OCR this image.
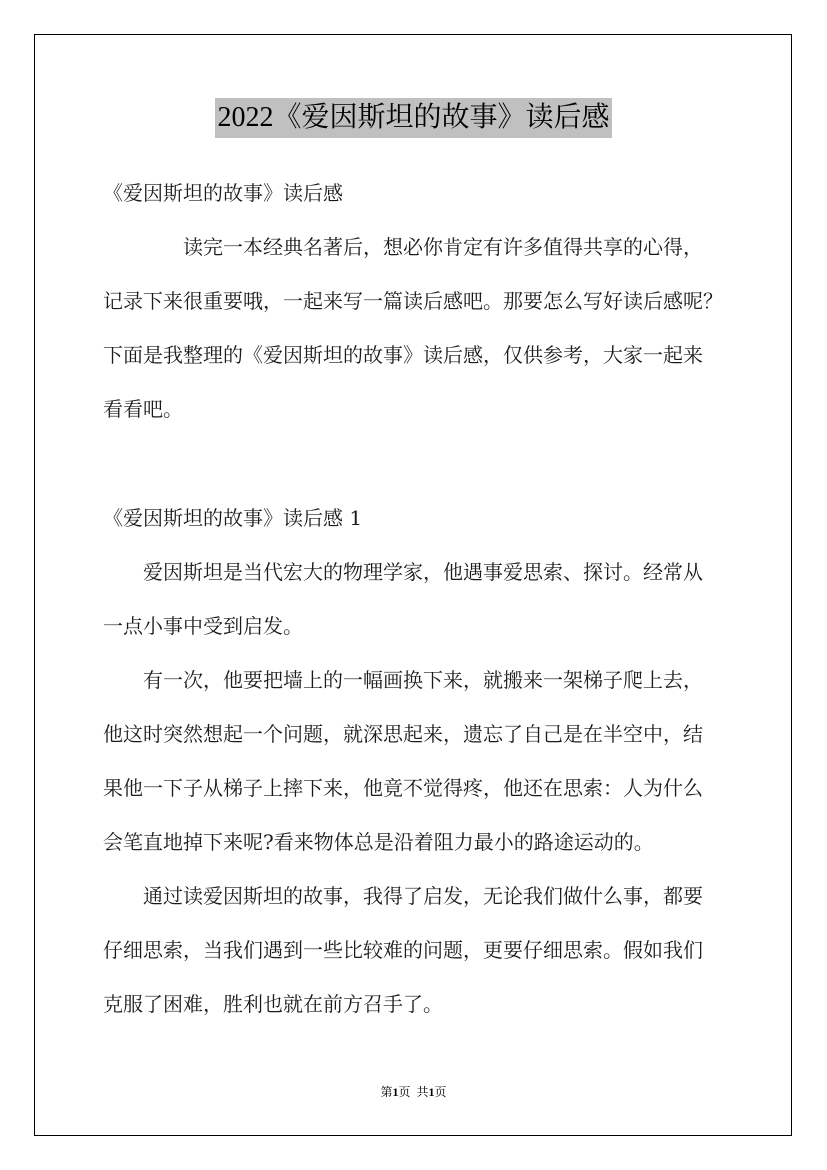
2022《爱因斯坦的故事》读后感
《爱因斯坦的故事》读后感
读完一本经典名著后，想必你肯定有许多值得共享的心得，
记录下来很重要哦，一起来写一篇读后感吧。那要怎么写好读后感呢？
下面是我整理的《爱因斯坦的故事》读后感，仅供参考，大家一起来
看看吧。
《爱因斯坦的故事》读后感 1
爱因斯坦是当代宏大的物理学家，他遇事爱思索、探讨。经常从
一点小事中受到启发。
有一次，他要把墙上的一幅画换下来，就搬来一架梯子爬上去，
他这时突然想起一个问题，就深思起来，遗忘了自己是在半空中，结
果他一下子从梯子上摔下来，他竟不觉得疼，他还在思索：人为什么
会笔直地掉下来呢?看来物体总是沿着阻力最小的路途运动的。
通过读爱因斯坦的故事，我得了启发，无论我们做什么事，都要
仔细思索，当我们遇到一些比较难的问题，更要仔细思索。假如我们
克服了困难，胜利也就在前方召手了。
第1页  共1页
